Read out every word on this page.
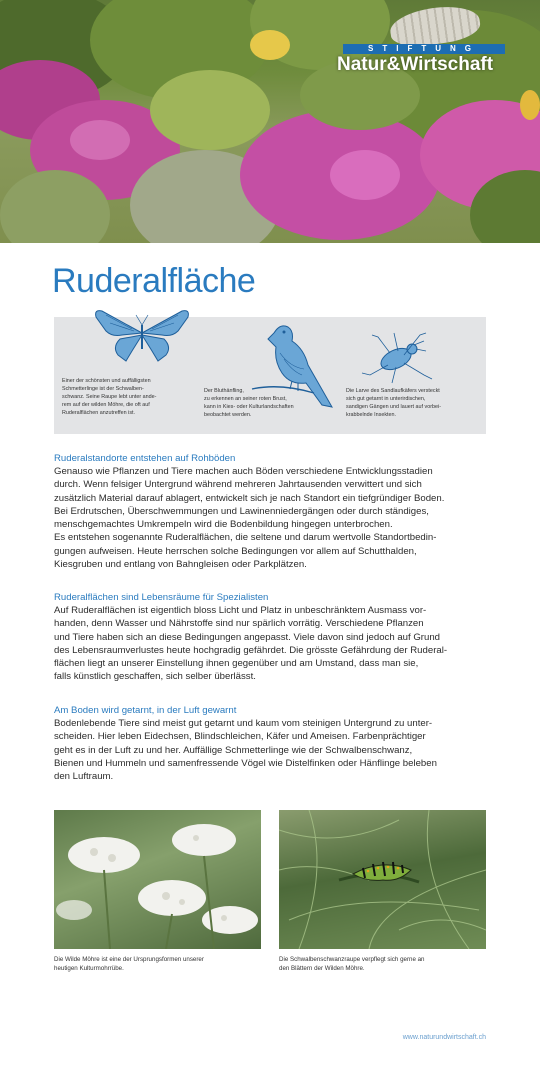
STIFTUNG
Natur&Wirtschaft
Ruderalfläche
Einer der schönsten und auffälligsten
Schmetterlinge ist der Schwalben-
schwanz. Seine Raupe lebt unter ande-
rem auf der wilden Möhre, die oft auf
Ruderalflächen anzutreffen ist.
Der Bluthänfling,
zu erkennen an seiner roten Brust,
kann in Kies- oder Kulturlandschaften
beobachtet werden.
Die Larve des Sandlaufkäfers versteckt
sich gut getarnt in unterirdischen,
sandigen Gängen und lauert auf vorbei-
krabbelnde Insekten.
Ruderalstandorte entstehen auf Rohböden
Genauso wie Pflanzen und Tiere machen auch Böden verschiedene Entwicklungsstadien
durch. Wenn felsiger Untergrund während mehreren Jahrtausenden verwittert und sich
zusätzlich Material darauf ablagert, entwickelt sich je nach Standort ein tiefgründiger Boden.
Bei Erdrutschen, Überschwemmungen und Lawinenniedergängen oder durch ständiges,
menschgemachtes Umkrempeln wird die Bodenbildung hingegen unterbrochen.
Es entstehen sogenannte Ruderalflächen, die seltene und darum wertvolle Standortbedin-
gungen aufweisen. Heute herrschen solche Bedingungen vor allem auf Schutthalden,
Kiesgruben und entlang von Bahngleisen oder Parkplätzen.
Ruderalflächen sind Lebensräume für Spezialisten
Auf Ruderalflächen ist eigentlich bloss Licht und Platz in unbeschränktem Ausmass vor-
handen, denn Wasser und Nährstoffe sind nur spärlich vorrätig. Verschiedene Pflanzen
und Tiere haben sich an diese Bedingungen angepasst. Viele davon sind jedoch auf Grund
des Lebensraumverlustes heute hochgradig gefährdet. Die grösste Gefährdung der Ruderal-
flächen liegt an unserer Einstellung ihnen gegenüber und am Umstand, dass man sie,
falls künstlich geschaffen, sich selber überlässt.
Am Boden wird getarnt, in der Luft gewarnt
Bodenlebende Tiere sind meist gut getarnt und kaum vom steinigen Untergrund zu unter-
scheiden. Hier leben Eidechsen, Blindschleichen, Käfer und Ameisen. Farbenprächtiger
geht es in der Luft zu und her. Auffällige Schmetterlinge wie der Schwalbenschwanz,
Bienen und Hummeln und samenfressende Vögel wie Distelfinken oder Hänflinge beleben
den Luftraum.
Die Wilde Möhre ist eine der Ursprungsformen unserer
heutigen Kulturmohrrübe.
Die Schwalbenschwanzraupe verpflegt sich gerne an
den Blättern der Wilden Möhre.
www.naturundwirtschaft.ch
